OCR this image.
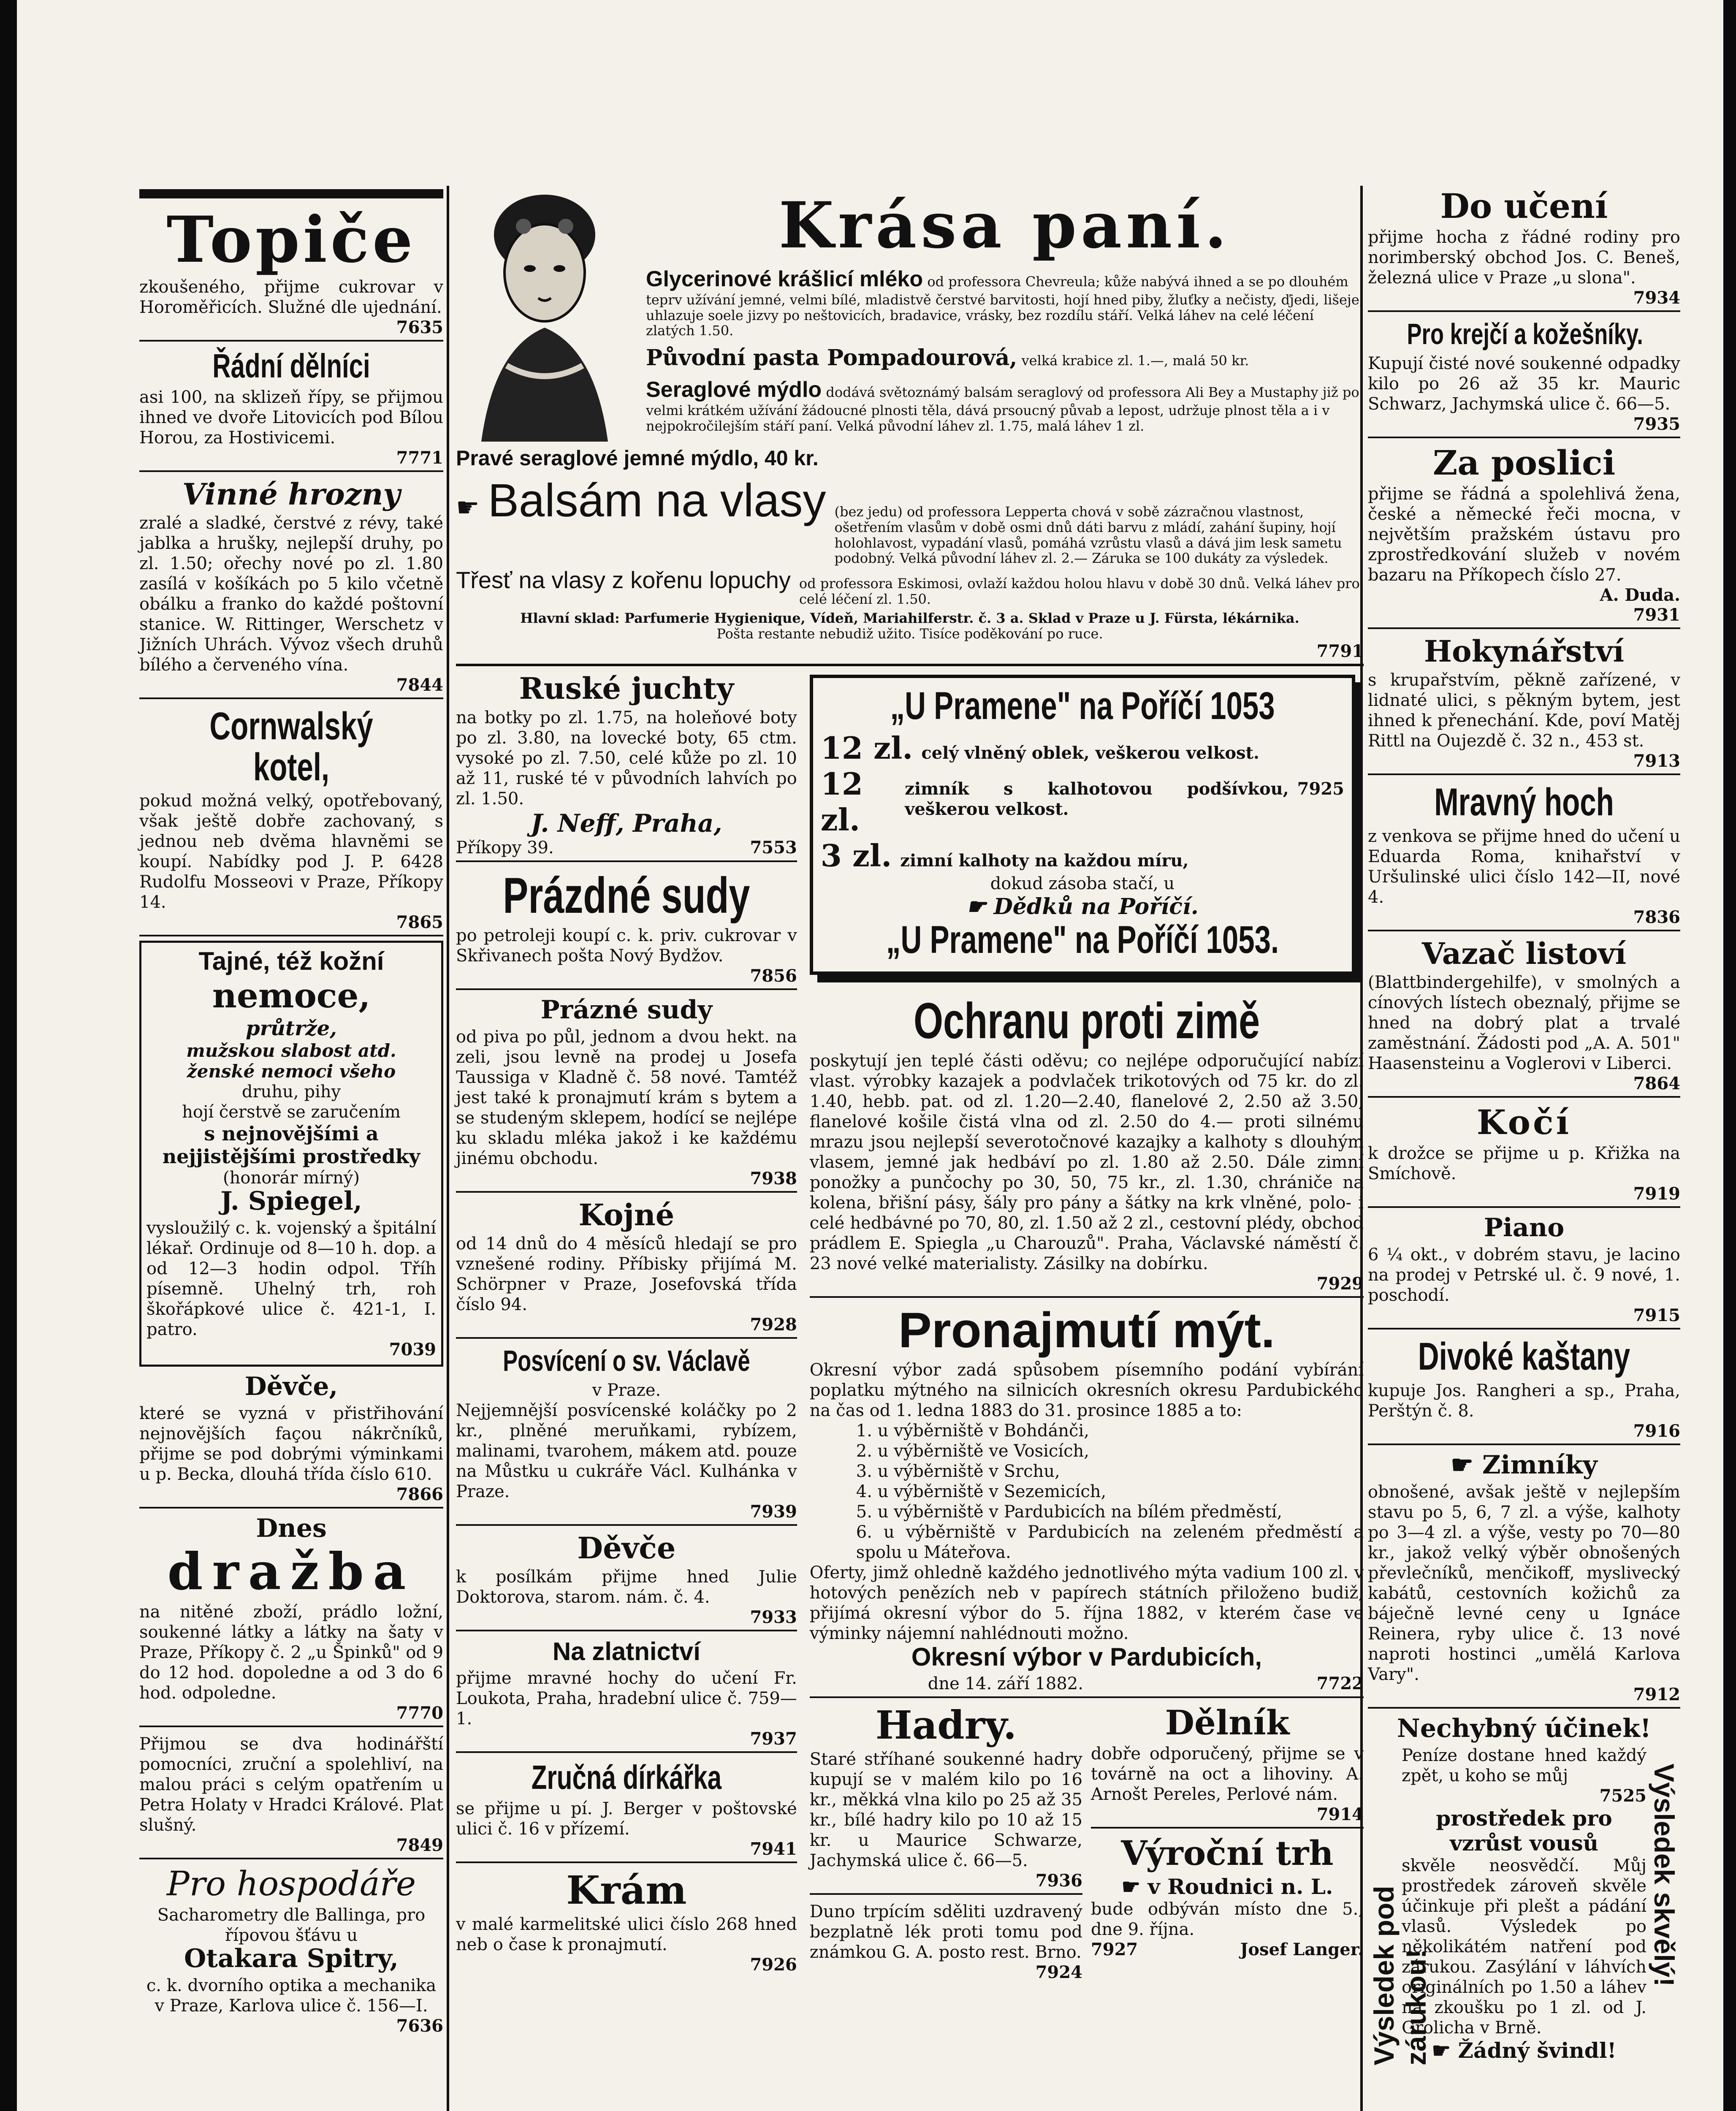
Topiče

zkoušeného, přijme cukrovar v Horoměřicích. Služné dle ujednání.

7635
Řádní dělníci

asi 100, na sklizeň řípy, se přijmou ihned ve dvoře Litovicích pod Bílou Horou, za Hostivicemi.

7771
Vinné hrozny

zralé a sladké, čerstvé z révy, také jablka a hrušky, nejlepší druhy, po zl. 1.50; ořechy nové po zl. 1.80 zasílá v košíkách po 5 kilo včetně obálku a franko do každé poštovní stanice. W. Rittinger, Werschetz v Jižních Uhrách. Vývoz všech druhů bílého a červeného vína.

7844
Cornwalský kotel,

pokud možná velký, opotřebovaný, však ještě dobře zachovaný, s jednou neb dvěma hlavněmi se koupí. Nabídky pod J. P. 6428 Rudolfu Mosseovi v Praze, Příkopy 14.

7865
Tajné, též kožní
nemoce,
průtrže,
mužskou slabost atd.
ženské nemoci všeho
druhu, pihy
hojí čerstvě se zaručením
s nejnovějšími a nejjistějšími prostředky
(honorár mírný)
J. Spiegel,

vysloužilý c. k. vojenský a špitální lékař. Ordinuje od 8—10 h. dop. a od 12—3 hodin odpol. Tříh písemně. Uhelný trh, roh škořápkové ulice č. 421-1, I. patro.

7039
Děvče,

které se vyzná v přistřihování nejnovějších façou nákrčníků, přijme se pod dobrými výminkami u p. Becka, dlouhá třída číslo 610.

7866
Dnes
dražba

na nitěné zboží, prádlo ložní, soukenné látky a látky na šaty v Praze, Příkopy č. 2 „u Špinků" od 9 do 12 hod. dopoledne a od 3 do 6 hod. odpoledne.

7770

Přijmou se dva hodinářští pomocníci, zruční a spolehliví, na malou práci s celým opatřením u Petra Holaty v Hradci Králové. Plat slušný.

7849
Pro hospodáře

Sacharometry dle Ballinga, pro řípovou šťávu u

Otakara Spitry,

c. k. dvorního optika a mechanika v Praze, Karlova ulice č. 156—I.

7636
Krása paní.
Glycerinové krášlicí mléko od professora Chevreula; kůže nabývá ihned a se po dlouhém teprv užívání jemné, velmi bílé, mladistvě čerstvé barvitosti, hojí hned piby, žluťky a nečisty, ďjedi, lišeje, uhlazuje soele jizvy po neštovicích, bradavice, vrásky, bez rozdílu stáří. Velká láhev na celé léčení zlatých 1.50.
Původní pasta Pompadourová, velká krabice zl. 1.—, malá 50 kr.
Seraglové mýdlo dodává světoznámý balsám seraglový od professora Ali Bey a Mustaphy již po velmi krátkém užívání žádoucné plnosti těla, dává prsoucný půvab a lepost, udržuje plnost těla a i v nejpokročilejším stáří paní. Velká původní láhev zl. 1.75, malá láhev 1 zl.
Pravé seraglové jemné mýdlo, 40 kr.
☛ Balsám na vlasy (bez jedu) od professora Lepperta chová v sobě zázračnou vlastnost, ošetřením vlasům v době osmi dnů dáti barvu z mládí, zahání šupiny, hojí holohlavost, vypadání vlasů, pomáhá vzrůstu vlasů a dává jim lesk sametu podobný. Velká původní láhev zl. 2.— Záruka se 100 dukáty za výsledek.
Třesť na vlasy z kořenu lopuchy od professora Eskimosi, ovlaží každou holou hlavu v době 30 dnů. Velká láhev pro celé léčení zl. 1.50.
Hlavní sklad: Parfumerie Hygienique, Vídeň, Mariahilferstr. č. 3 a. Sklad v Praze u J. Fürsta, lékárnika.
Pošta restante nebudiž užito. Tisíce poděkování po ruce.
7791
Ruské juchty

na botky po zl. 1.75, na holeňové boty po zl. 3.80, na lovecké boty, 65 ctm. vysoké po zl. 7.50, celé kůže po zl. 10 až 11, ruské té v původních lahvích po zl. 1.50.

J. Neff, Praha,
Příkopy 39.	7553
Prázdné sudy

po petroleji koupí c. k. priv. cukrovar v Skřivanech pošta Nový Bydžov.

7856
Prázné sudy

od piva po půl, jednom a dvou hekt. na zeli, jsou levně na prodej u Josefa Taussiga v Kladně č. 58 nové. Tamtéž jest také k pronajmutí krám s bytem a se studeným sklepem, hodící se nejlépe ku skladu mléka jakož i ke každému jinému obchodu.

7938
Kojné

od 14 dnů do 4 měsíců hledají se pro vznešené rodiny. Příbisky přijímá M. Schörpner v Praze, Josefovská třída číslo 94.

7928
Posvícení o sv. Václavě
v Praze.

Nejjemnější posvícenské koláčky po 2 kr., plněné meruňkami, rybízem, malinami, tvarohem, mákem atd. pouze na Můstku u cukráře Václ. Kulhánka v Praze.

7939
Děvče

k posílkám přijme hned Julie Doktorova, starom. nám. č. 4.

7933
Na zlatnictví

přijme mravné hochy do učení Fr. Loukota, Praha, hradební ulice č. 759—1.

7937
Zručná dírkářka

se přijme u pí. J. Berger v poštovské ulici č. 16 v přízemí.

7941
Krám

v malé karmelitské ulici číslo 268 hned neb o čase k pronajmutí.

7926
„U Pramene" na Poříčí 1053
12 zl. celý vlněný oblek, veškerou velkost.
12 zl.
zimník s kalhotovou podšívkou, veškerou velkost.
7925
3 zl. zimní kalhoty na každou míru,
dokud zásoba stačí, u
☛ Dědků na Poříčí.
„U Pramene" na Poříčí 1053.
Ochranu proti zimě

poskytují jen teplé části oděvu; co nejlépe odporučující nabízí vlast. výrobky kazajek a podvlaček trikotových od 75 kr. do zl. 1.40, hebb. pat. od zl. 1.20—2.40, flanelové 2, 2.50 až 3.50, flanelové košile čistá vlna od zl. 2.50 do 4.— proti silnému mrazu jsou nejlepší severotočnové kazajky a kalhoty s dlouhým vlasem, jemné jak hedbáví po zl. 1.80 až 2.50. Dále zimní ponožky a punčochy po 30, 50, 75 kr., zl. 1.30, chrániče na kolena, břišní pásy, šály pro pány a šátky na krk vlněné, polo- i celé hedbávné po 70, 80, zl. 1.50 až 2 zl., cestovní plédy, obchod prádlem E. Spiegla „u Charouzů". Praha, Václavské náměstí č. 23 nové velké materialisty. Zásilky na dobírku.

7929
Pronajmutí mýt.

Okresní výbor zadá spůsobem písemního podání vybírání poplatku mýtného na silnicích okresních okresu Pardubického na čas od 1. ledna 1883 do 31. prosince 1885 a to:

1. u výběrniště v Bohdánči,
2. u výběrniště ve Vosicích,
3. u výběrniště v Srchu,
4. u výběrniště v Sezemicích,
5. u výběrniště v Pardubicích na bílém předměstí,
6. u výběrniště v Pardubicích na zeleném předměstí a spolu u Máteřova.

Oferty, jimž ohledně každého jednotlivého mýta vadium 100 zl. v hotových penězích neb v papírech státních přiloženo budiž, přijímá okresní výbor do 5. října 1882, v kterém čase ve výminky nájemní nahlédnouti možno.

Okresní výbor v Pardubicích,
dne 14. září 1882.	7722
Hadry.

Staré stříhané soukenné hadry kupují se v malém kilo po 16 kr., měkká vlna kilo po 25 až 35 kr., bílé hadry kilo po 10 až 15 kr. u Maurice Schwarze, Jachymská ulice č. 66—5.

7936

Duno trpícím sděliti uzdravený bezplatně lék proti tomu pod známkou G. A. posto rest. Brno.

7924
Dělník

dobře odporučený, přijme se v továrně na oct a lihoviny. A. Arnošt Pereles, Perlové nám.

7914
Výroční trh
☛ v Roudnici n. L.

bude odbýván místo dne 5., dne 9. října.

7927	Josef Langer.
Do učení

přijme hocha z řádné rodiny pro norimberský obchod Jos. C. Beneš, železná ulice v Praze „u slona".

7934
Pro krejčí a kožešníky.

Kupují čisté nové soukenné odpadky kilo po 26 až 35 kr. Mauric Schwarz, Jachymská ulice č. 66—5.

7935
Za poslici

přijme se řádná a spolehlivá žena, české a německé řeči mocna, v největším pražském ústavu pro zprostředkování služeb v novém bazaru na Příkopech číslo 27.

A. Duda.
7931
Hokynářství

s krupařstvím, pěkně zařízené, v lidnaté ulici, s pěkným bytem, jest ihned k přenechání. Kde, poví Matěj Rittl na Oujezdě č. 32 n., 453 st.

7913
Mravný hoch

z venkova se přijme hned do učení u Eduarda Roma, knihařství v Uršulinské ulici číslo 142—II, nové 4.

7836
Vazač listoví

(Blattbindergehilfe), v smolných a cínových lístech obeznalý, přijme se hned na dobrý plat a trvalé zaměstnání. Žádosti pod „A. A. 501" Haasensteinu a Voglerovi v Liberci.

7864
Kočí

k drožce se přijme u p. Křižka na Smíchově.

7919
Piano

6 ¼ okt., v dobrém stavu, je lacino na prodej v Petrské ul. č. 9 nové, 1. poschodí.

7915
Divoké kaštany

kupuje Jos. Rangheri a sp., Praha, Perštýn č. 8.

7916
☛ Zimníky

obnošené, avšak ještě v nejlepším stavu po 5, 6, 7 zl. a výše, kalhoty po 3—4 zl. a výše, vesty po 70—80 kr., jakož velký výběr obnošených převlečníků, menčikoff, myslivecký kabátů, cestovních kožichů za báječně levné ceny u Ignáce Reinera, ryby ulice č. 13 nové naproti hostinci „umělá Karlova Vary".

7912
Nechybný účinek!

Peníze dostane hned každý zpět, u koho se můj

7525
prostředek pro vzrůst vousů

skvěle neosvědčí. Můj prostředek zároveň skvěle účinkuje při plešt a pádání vlasů. Výsledek po několikátém natření pod zárukou. Zasýlání v láhvích originálních po 1.50 a láhev na zkoušku po 1 zl. od J. Grolicha v Brně.

☛ Žádný švindl!
Výsledek pod zárukou!
Výsledek skvělý!
